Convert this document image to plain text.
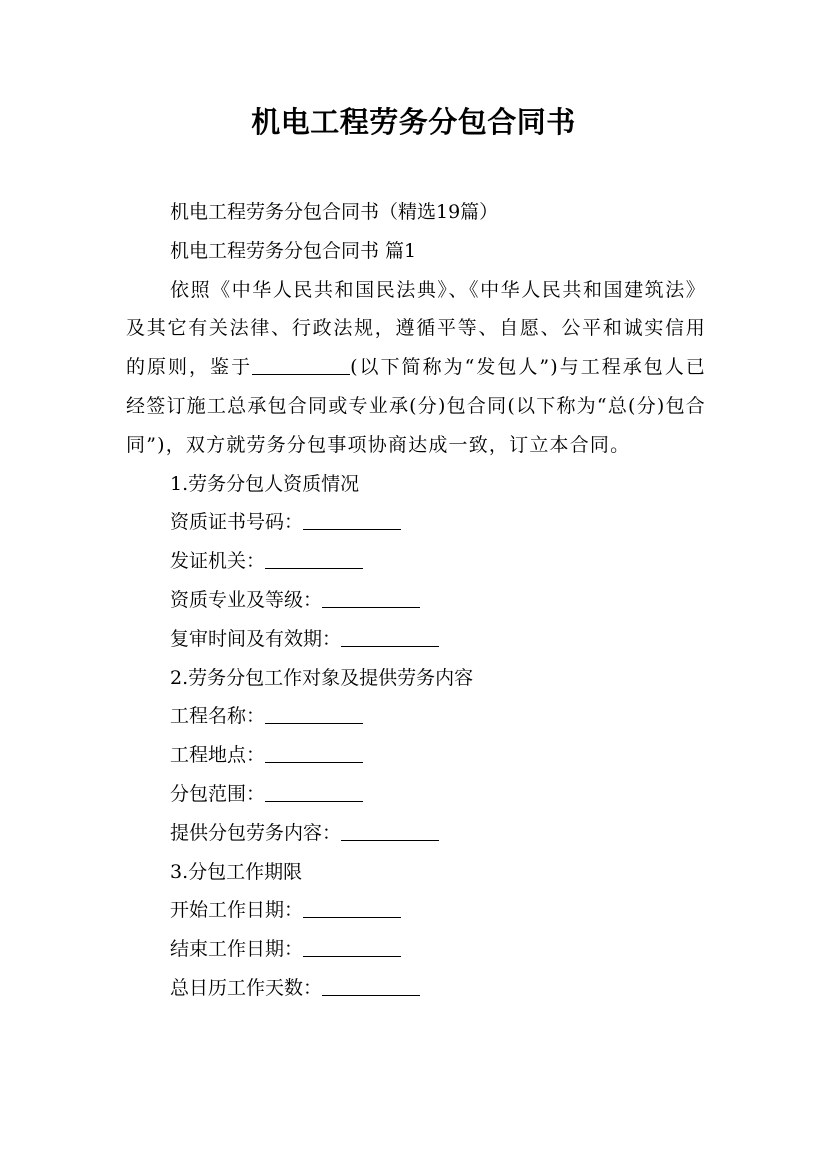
机电工程劳务分包合同书
机电工程劳务分包合同书（精选19篇）
机电工程劳务分包合同书 篇1
依照《中华人民共和国民法典》、《中华人民共和国建筑法》及其它有关法律、行政法规，遵循平等、自愿、公平和诚实信用的原则，鉴于	(以下简称为“发包人”)与工程承包人已经签订施工总承包合同或专业承(分)包合同(以下称为“总(分)包合同”)，双方就劳务分包事项协商达成一致，订立本合同。
1.劳务分包人资质情况
资质证书号码：
发证机关：
资质专业及等级：
复审时间及有效期：
2.劳务分包工作对象及提供劳务内容
工程名称：
工程地点：
分包范围：
提供分包劳务内容：
3.分包工作期限
开始工作日期：
结束工作日期：
总日历工作天数：
